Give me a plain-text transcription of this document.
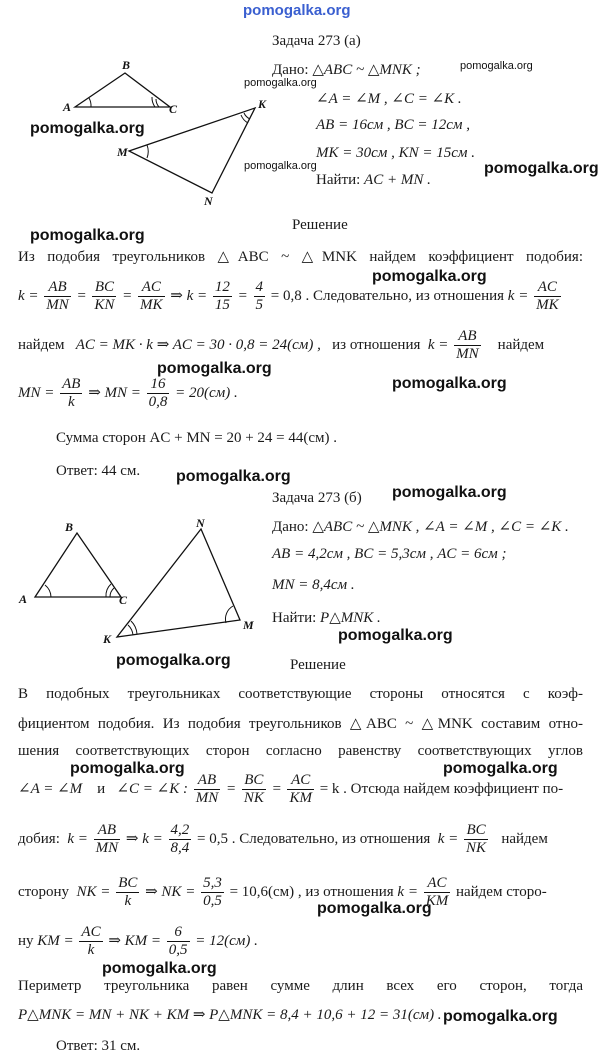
pomogalka.org
pomogalka.org
pomogalka.org
pomogalka.org
pomogalka.org	pomogalka.org
pomogalka.org
pomogalka.org
pomogalka.org
pomogalka.org
pomogalka.org
pomogalka.org
pomogalka.org
pomogalka.org
pomogalka.org	pomogalka.org
pomogalka.org
pomogalka.org
pomogalka.org
Задача 273 (а)
B
A	C	K
M
N
Дано: △ABC ~ △MNK ;
∠A = ∠M , ∠C = ∠K .
AB = 16см , BC = 12см ,
MK = 30см , KN = 15см .
Найти: AC + MN .
Решение
Из подобия треугольников △ABC ~ △MNK найдем коэффициент подобия:
$k = \frac{AB}{MN} = \frac{BC}{KN} = \frac{AC}{MK}$ ⇒ $k = \frac{12}{15} = \frac{4}{5} = 0,8$ . Следовательно, из отношения $k = \frac{AC}{MK}$
найдем AC = MK · k ⇒ AC = 30 · 0,8 = 24(см) , из отношения  $k = \frac{AB}{MN}$ найдем
MN = $\frac{AB}{k}$ ⇒ MN = $\frac{16}{0,8} = 20(см)$ .
Сумма сторон AC + MN = 20 + 24 = 44(см) .
Ответ: 44 см.
Задача 273 (б)
B
A	C
N
K
M
Дано: △ABC ~ △MNK , ∠A = ∠M , ∠C = ∠K .
AB = 4,2см , BC = 5,3см , AC = 6см ;
MN = 8,4см .
Найти: P△MNK .
Решение
В подобных треугольниках соответствующие стороны относятся с коэф-
фициентом подобия. Из подобия треугольников △ABC ~ △MNK составим отно-
шения соответствующих сторон согласно равенству соответствующих углов
∠A = ∠M и ∠C = ∠K : $\frac{AB}{MN} = \frac{BC}{NK} = \frac{AC}{KM} = k$ . Отсюда найдем коэффициент по-
добия:  $k = \frac{AB}{MN}$ ⇒ $k = \frac{4,2}{8,4} = 0,5$ . Следовательно, из отношения  $k = \frac{BC}{NK}$ найдем
сторону  NK = $\frac{BC}{k}$ ⇒ NK = $\frac{5,3}{0,5} = 10,6(см)$ , из отношения $k = \frac{AC}{KM}$ найдем сторо-
ну KM = $\frac{AC}{k}$ ⇒ KM = $\frac{6}{0,5} = 12(см)$ .
Периметр треугольника равен сумме длин всех его сторон, тогда
P△MNK = MN + NK + KM ⇒ P△MNK = 8,4 + 10,6 + 12 = 31(см) .
Ответ: 31 см.
